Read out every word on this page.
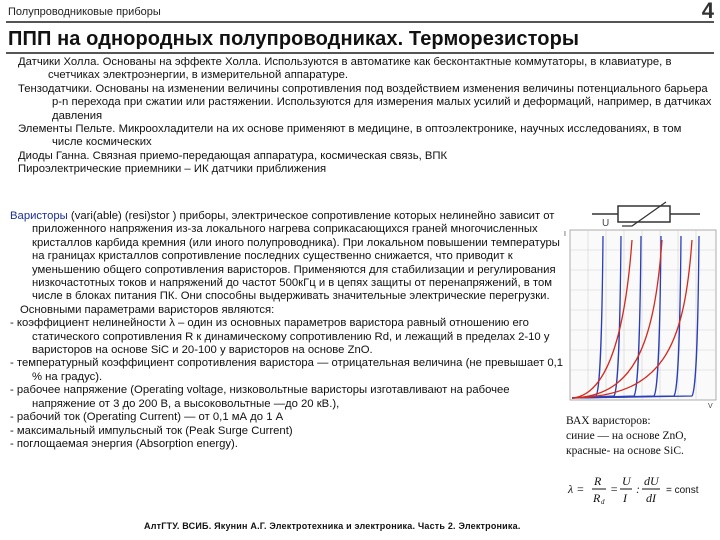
Полупроводниковые приборы	4
ППП на однородных полупроводниках. Терморезисторы

Датчики Холла. Основаны на эффекте Холла. Используются в автоматике как бесконтактные коммутаторы, в клавиатуре, в счетчиках электроэнергии, в измерительной аппаратуре.

Тензодатчики. Основаны на изменении величины сопротивления под воздействием изменения величины потенциального барьера p-n перехода при сжатии или растяжении. Используются для измерения малых усилий и деформаций, например, в датчиках давления

Элементы Пельте. Микроохладители на их основе применяют в медицине, в оптоэлектронике, научных исследованиях, в том числе космических

Диоды Ганна. Связная приемо-передающая аппаратура, космическая связь, ВПК

Пироэлектрические приемники – ИК датчики приближения

Варисторы (vari(able) (resi)stor ) приборы, электрическое сопротивление которых нелинейно зависит от приложенного напряжения из-за локального нагрева соприкасающихся граней многочисленных кристаллов карбида кремния (или иного полупроводника). При локальном повышении температуры на границах кристаллов сопротивление последних существенно снижается, что приводит к уменьшению общего сопротивления варисторов. Применяются для стабилизации и регулирования низкочастотных токов и напряжений до частот 500кГц и в цепях защиты от перенапряжений, в том числе в блоках питания ПК. Они способны выдерживать значительные электрические перегрузки.

Основными параметрами варисторов являются:

- коэффициент нелинейности λ – один из основных параметров варистора равный отношению его статического сопротивления R к динамическому сопротивлению Rd, и лежащий в пределах 2-10 у варисторов на основе SiC и 20-100 у варисторов на основе ZnO.

- температурный коэффициент сопротивления варистора — отрицательная величина (не превышает 0,1 % на градус).

- рабочее напряжение (Operating voltage, низковольтные варисторы изготавливают на рабочее напряжение от 3 до 200 В, а высоковольтные —до 20 кВ.),

- рабочий ток (Operating Current) — от 0,1 мА до 1 А

- максимальный импульсный ток (Peak Surge Current)

- поглощаемая энергия (Absorption energy).

U
I
V
ВАХ варисторов:
синие — на основе ZnO,
красные- на основе SiC.
λ =
R
R d
=
U
I
:
dU
dI
= const
АлтГТУ. ВСИБ. Якунин А.Г. Электротехника и электроника. Часть 2. Электроника.
